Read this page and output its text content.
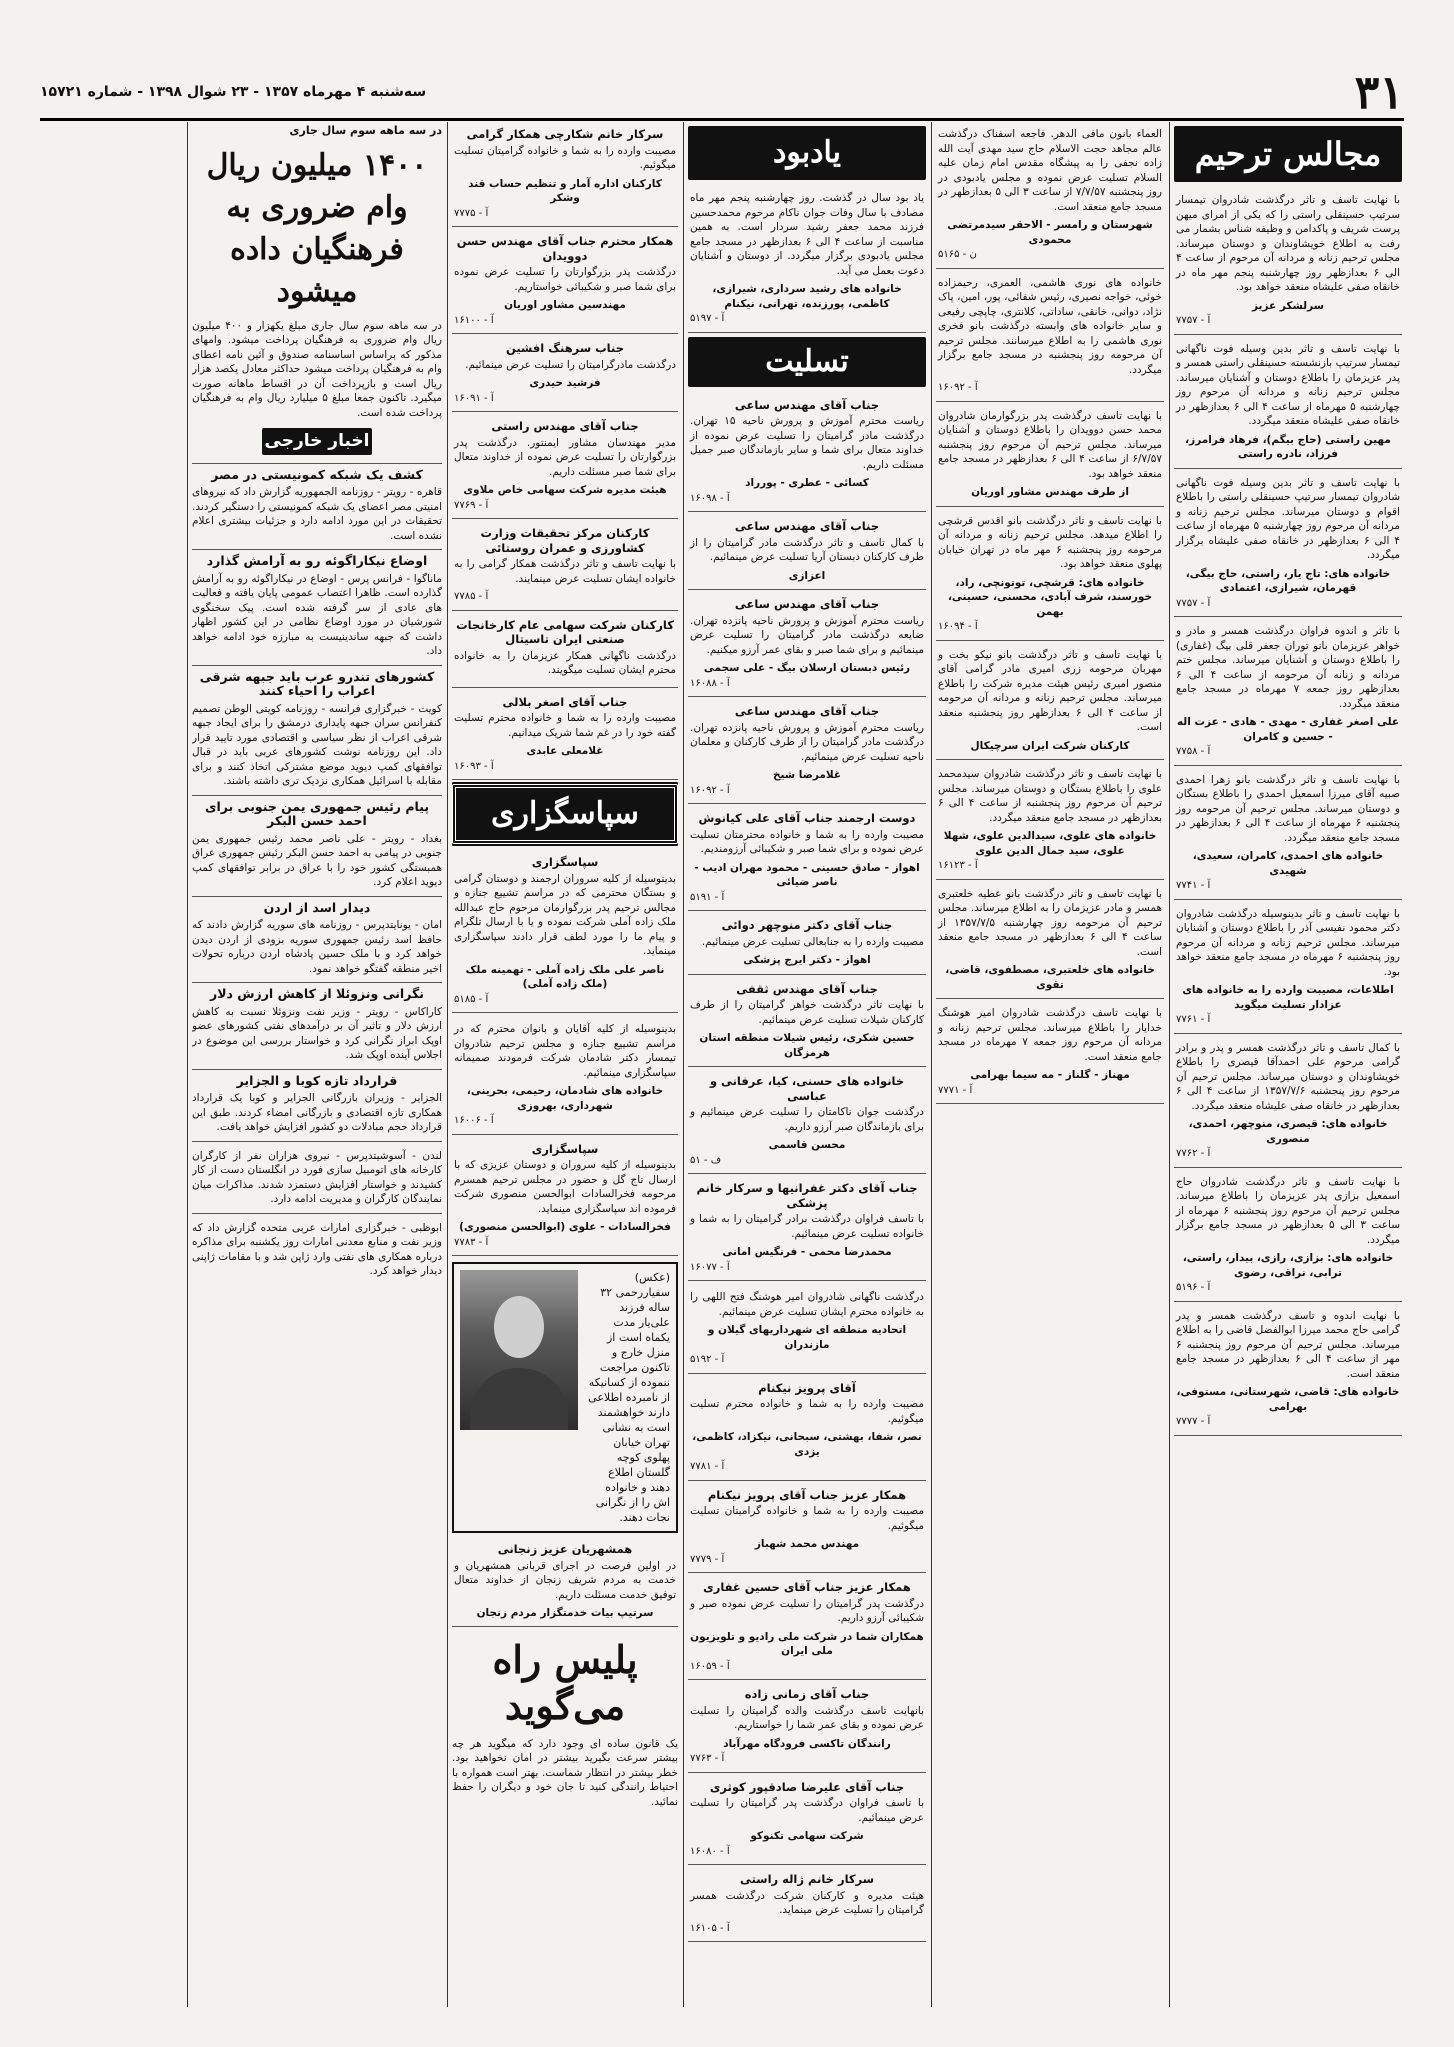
۳۱
سه‌شنبه ۴ مهرماه ۱۳۵۷ - ۲۳ شوال ۱۳۹۸ - شماره ۱۵۷۲۱
مجالس ترحیم

با نهایت تاسف و تاثر درگذشت شادروان تیمسار سرتیپ حسینقلی راستی را که یکی از امرای میهن پرست شریف و پاکدامن و وظیفه شناس بشمار می رفت به اطلاع خویشاوندان و دوستان میرساند. مجلس ترحیم زنانه و مردانه آن مرحوم از ساعت ۴ الی ۶ بعدازظهر روز چهارشنبه پنجم مهر ماه در خانقاه صفی علیشاه منعقد خواهد بود.

سرلشکر عزیز
آ - ۷۷۵۷

با نهایت تاسف و تاثر بدین وسیله فوت ناگهانی تیمسار سرتیپ بازنشسته حسینقلی راستی همسر و پدر عزیزمان را باطلاع دوستان و آشنایان میرساند. مجلس ترحیم زنانه و مردانه آن مرحوم روز چهارشنبه ۵ مهرماه از ساعت ۴ الی ۶ بعدازظهر در خانقاه صفی علیشاه منعقد میگردد.

مهین راستی (حاج بیگم)، فرهاد فرامرز، فرزاد، نادره راستی

با نهایت تاسف و تاثر بدین وسیله فوت ناگهانی شادروان تیمسار سرتیپ حسینقلی راستی را باطلاع اقوام و دوستان میرساند. مجلس ترحیم زنانه و مردانه آن مرحوم روز چهارشنبه ۵ مهرماه از ساعت ۴ الی ۶ بعدازظهر در خانقاه صفی علیشاه برگزار میگردد.

خانواده های: تاج یار، راستی، حاج بیگی، قهرمان، شیرازی، اعتمادی
آ - ۷۷۵۷

با تاثر و اندوه فراوان درگذشت همسر و مادر و خواهر عزیزمان بانو توران جعفر قلی بیگ (غفاری) را باطلاع دوستان و آشنایان میرساند. مجلس ختم مردانه و زنانه آن مرحومه از ساعت ۴ الی ۶ بعدازظهر روز جمعه ۷ مهرماه در مسجد جامع منعقد میگردد.

علی اصغر غفاری - مهدی - هادی - عزت اله - حسین و کامران
آ - ۷۷۵۸

با نهایت تاسف و تاثر درگذشت بانو زهرا احمدی صبیه آقای میرزا اسمعیل احمدی را باطلاع بستگان و دوستان میرساند. مجلس ترحیم آن مرحومه روز پنجشنبه ۶ مهرماه از ساعت ۴ الی ۶ بعدازظهر در مسجد جامع منعقد میگردد.

خانواده های احمدی، کامران، سعیدی، شهیدی
آ - ۷۷۴۱

با نهایت تاسف و تاثر بدینوسیله درگذشت شادروان دکتر محمود نفیسی آذر را باطلاع دوستان و آشنایان میرساند. مجلس ترحیم زنانه و مردانه آن مرحوم روز پنجشنبه ۶ مهرماه در مسجد جامع منعقد خواهد بود.

اطلاعات، مصیبت وارده را به خانواده های عزادار تسلیت میگوید
آ - ۷۷۶۱

با کمال تاسف و تاثر درگذشت همسر و پدر و برادر گرامی مرحوم علی احمدآقا قیصری را باطلاع خویشاوندان و دوستان میرساند. مجلس ترحیم آن مرحوم روز پنجشنبه ۱۳۵۷/۷/۶ از ساعت ۴ الی ۶ بعدازظهر در خانقاه صفی علیشاه منعقد میگردد.

خانواده های: قیصری، منوچهر، احمدی، منصوری
آ - ۷۷۶۲

با نهایت تاسف و تاثر درگذشت شادروان حاج اسمعیل بزازی پدر عزیزمان را باطلاع میرساند. مجلس ترحیم آن مرحوم روز پنجشنبه ۶ مهرماه از ساعت ۳ الی ۵ بعدازظهر در مسجد جامع برگزار میگردد.

خانواده های: بزازی، رازی، بیدار، راستی، ترابی، نراقی، رضوی
آ - ۵۱۹۶

با نهایت اندوه و تاسف درگذشت همسر و پدر گرامی حاج محمد میرزا ابوالفضل قاضی را به اطلاع میرساند. مجلس ترحیم آن مرحوم روز پنجشنبه ۶ مهر از ساعت ۴ الی ۶ بعدازظهر در مسجد جامع منعقد است.

خانواده های: قاضی، شهرستانی، مستوفی، بهرامی
آ - ۷۷۷۷

العماء بانون مافی الدهر. فاجعه اسفناک درگذشت عالم مجاهد حجت الاسلام حاج سید مهدی آیت الله زاده نجفی را به پیشگاه مقدس امام زمان علیه السلام تسلیت عرض نموده و مجلس یادبودی در روز پنجشنبه ۷/۷/۵۷ از ساعت ۳ الی ۵ بعدازظهر در مسجد جامع منعقد است.

شهرستان و رامسر - الاحقر سیدمرتضی محمودی
ن - ۵۱۶۵

خانواده های نوری هاشمی، العمری، رحیمزاده خوئی، خواجه نصیری، رئیس شفائی، پور، امین، پاک نژاد، دوانی، خانقی، ساداتی، کلانتری، چاپچی رفیعی و سایر خانواده های وابسته درگذشت بانو فخری نوری هاشمی را به اطلاع میرسانند. مجلس ترحیم آن مرحومه روز پنجشنبه در مسجد جامع برگزار میگردد.

آ - ۱۶۰۹۲

با نهایت تاسف درگذشت پدر بزرگوارمان شادروان محمد حسن دوویدان را باطلاع دوستان و آشنایان میرساند. مجلس ترحیم آن مرحوم روز پنجشنبه ۶/۷/۵۷ از ساعت ۴ الی ۶ بعدازظهر در مسجد جامع منعقد خواهد بود.

از طرف مهندس مشاور اوریان

با نهایت تاسف و تاثر درگذشت بانو اقدس قرشچی را اطلاع میدهد. مجلس ترحیم زنانه و مردانه آن مرحومه روز پنجشنبه ۶ مهر ماه در تهران خیابان پهلوی منعقد خواهد بود.

خانواده های: قرشچی، توتونچی، راد، خورسند، شرف آبادی، محسنی، حسینی، بهمن
آ - ۱۶۰۹۴

با نهایت تاسف و تاثر درگذشت بانو نیکو بخت و مهربان مرحومه زری امیری مادر گرامی آقای منصور امیری رئیس هیئت مدیره شرکت را باطلاع میرساند. مجلس ترحیم زنانه و مردانه آن مرحومه از ساعت ۴ الی ۶ بعدازظهر روز پنجشنبه منعقد است.

کارکنان شرکت ایران سرچیکال

با نهایت تاسف و تاثر درگذشت شادروان سیدمحمد علوی را باطلاع بستگان و دوستان میرساند. مجلس ترحیم آن مرحوم روز پنجشنبه از ساعت ۴ الی ۶ بعدازظهر در مسجد جامع منعقد میگردد.

خانواده های علوی، سیدالدین علوی، شهلا علوی، سید جمال الدین علوی
آ - ۱۶۱۲۳

با نهایت تاسف و تاثر درگذشت بانو عطیه خلعتبری همسر و مادر عزیزمان را به اطلاع میرساند. مجلس ترحیم آن مرحومه روز چهارشنبه ۱۳۵۷/۷/۵ از ساعت ۴ الی ۶ بعدازظهر در مسجد جامع منعقد است.

خانواده های خلعتبری، مصطفوی، قاضی، تقوی

با نهایت تاسف درگذشت شادروان امیر هوشنگ خدایار را باطلاع میرساند. مجلس ترحیم زنانه و مردانه آن مرحوم روز جمعه ۷ مهرماه در مسجد جامع منعقد است.

مهناز - گلناز - مه سیما بهرامی
آ - ۷۷۷۱
یادبود

یاد بود سال در گذشت. روز چهارشنبه پنجم مهر ماه مصادف با سال وفات جوان ناکام مرحوم محمدحسین فرزند محمد جعفر رشید سردار است. به همین مناسبت از ساعت ۴ الی ۶ بعدازظهر در مسجد جامع مجلس یادبودی برگزار میگردد. از دوستان و آشنایان دعوت بعمل می آید.

خانواده های رشید سرداری، شیرازی، کاظمی، پورزنده، تهرانی، نیکنام
آ - ۵۱۹۷
تسلیت
جناب آقای مهندس ساعی

ریاست محترم آموزش و پرورش ناحیه ۱۵ تهران. درگذشت مادر گرامیتان را تسلیت عرض نموده از خداوند متعال برای شما و سایر بازماندگان صبر جمیل مسئلت داریم.

کسائی - عطری - پورراد
آ - ۱۶۰۹۸
جناب آقای مهندس ساعی

با کمال تاسف و تاثر درگذشت مادر گرامیتان را از طرف کارکنان دبستان آریا تسلیت عرض مینمائیم.

اعزازی
جناب آقای مهندس ساعی

ریاست محترم آموزش و پرورش ناحیه پانزده تهران. ضایعه درگذشت مادر گرامیتان را تسلیت عرض مینمائیم و برای شما صبر و بقای عمر آرزو میکنیم.

رئیس دبستان ارسلان بیگ - علی سجمی
آ - ۱۶۰۸۸
جناب آقای مهندس ساعی

ریاست محترم آموزش و پرورش ناحیه پانزده تهران. درگذشت مادر گرامیتان را از طرف کارکنان و معلمان ناحیه تسلیت عرض مینمائیم.

غلامرضا شیخ
آ - ۱۶۰۹۲
دوست ارجمند جناب آقای علی کیانوش

مصیبت وارده را به شما و خانواده محترمتان تسلیت عرض نموده و برای شما صبر و شکیبائی آرزومندیم.

اهواز - صادق حسینی - محمود مهران ادیب - ناصر ضیائی
آ - ۵۱۹۱
جناب آقای دکتر منوچهر دوائی

مصیبت وارده را به جنابعالی تسلیت عرض مینمائیم.

اهواز - دکتر ایرج پزشکی
جناب آقای مهندس ثقفی

با نهایت تاثر درگذشت خواهر گرامیتان را از طرف کارکنان شیلات تسلیت عرض مینمائیم.

حسین شکری، رئیس شیلات منطقه استان هرمزگان
خانواده های حسنی، کیا، عرفانی و عباسی

درگذشت جوان ناکامتان را تسلیت عرض مینمائیم و برای بازماندگان صبر آرزو داریم.

محسن قاسمی
ف - ۵۱
جناب آقای دکتر غفرانیها و سرکار خانم پزشکی

با تاسف فراوان درگذشت برادر گرامیتان را به شما و خانواده تسلیت عرض مینمائیم.

محمدرضا محمی - فرنگیس امانی
آ - ۱۶۰۷۷

درگذشت ناگهانی شادروان امیر هوشنگ فتح اللهی را به خانواده محترم ایشان تسلیت عرض مینمائیم.

اتحادیه منطقه ای شهرداریهای گیلان و مازندران
آ - ۵۱۹۲
آقای پرویز نیکنام

مصیبت وارده را به شما و خانواده محترم تسلیت میگوئیم.

نصر، شفا، بهشتی، سبحانی، نیکزاد، کاظمی، یزدی
آ - ۷۷۸۱
همکار عزیز جناب آقای پرویز نیکنام

مصیبت وارده را به شما و خانواده گرامیتان تسلیت میگوئیم.

مهندس محمد شهباز
آ - ۷۷۷۹
همکار عزیز جناب آقای حسین غفاری

درگذشت پدر گرامیتان را تسلیت عرض نموده صبر و شکیبائی آرزو داریم.

همکاران شما در شرکت ملی رادیو و تلویزیون ملی ایران
آ - ۱۶۰۵۹
جناب آقای زمانی زاده

بانهایت تاسف درگذشت والده گرامیتان را تسلیت عرض نموده و بقای عمر شما را خواستاریم.

رانندگان تاکسی فرودگاه مهرآباد
آ - ۷۷۶۳
جناب آقای علیرضا صادقپور کوثری

با تاسف فراوان درگذشت پدر گرامیتان را تسلیت عرض مینمائیم.

شرکت سهامی تکنوکو
آ - ۱۶۰۸۰
سرکار خانم ژاله راستی

هیئت مدیره و کارکنان شرکت درگذشت همسر گرامیتان را تسلیت عرض مینماید.

آ - ۱۶۱۰۵
سرکار خانم شکارچی همکار گرامی

مصیبت وارده را به شما و خانواده گرامیتان تسلیت میگوئیم.

کارکنان اداره آمار و تنظیم حساب قند وشکر
آ - ۷۷۷۵
همکار محترم جناب آقای مهندس حسن دوویدان

درگذشت پدر بزرگوارتان را تسلیت عرض نموده برای شما صبر و شکیبائی خواستاریم.

مهندسین مشاور اوریان
آ - ۱۶۱۰۰
جناب سرهنگ افشین

درگذشت مادرگرامیتان را تسلیت عرض مینمائیم.

فرشید حیدری
آ - ۱۶۰۹۱
جناب آقای مهندس راستی

مدیر مهندسان مشاور ایمنتور. درگذشت پدر بزرگوارتان را تسلیت عرض نموده از خداوند متعال برای شما صبر مسئلت داریم.

هیئت مدیره شرکت سهامی خاص ملاوی
آ - ۷۷۶۹
کارکنان مرکز تحقیقات وزارت کشاورزی و عمران روستائی

با نهایت تاسف و تاثر درگذشت همکار گرامی را به خانواده ایشان تسلیت عرض مینمایند.

آ - ۷۷۸۵
کارکنان شرکت سهامی عام کارخانجات صنعتی ایران تاسیتال

درگذشت ناگهانی همکار عزیزمان را به خانواده محترم ایشان تسلیت میگویند.

جناب آقای اصغر بلالی

مصیبت وارده را به شما و خانواده محترم تسلیت گفته خود را در غم شما شریک میدانیم.

غلامعلی عابدی
آ - ۱۶۰۹۳
سپاسگزاری
سپاسگزاری

بدینوسیله از کلیه سروران ارجمند و دوستان گرامی و بستگان محترمی که در مراسم تشییع جنازه و مجالس ترحیم پدر بزرگوارمان مرحوم حاج عبدالله ملک زاده آملی شرکت نموده و یا با ارسال تلگرام و پیام ما را مورد لطف قرار دادند سپاسگزاری مینماید.

ناصر علی ملک زاده آملی - تهمینه ملک (ملک زاده آملی)
آ - ۵۱۸۵

بدینوسیله از کلیه آقایان و بانوان محترم که در مراسم تشییع جنازه و مجلس ترحیم شادروان تیمسار دکتر شادمان شرکت فرمودند صمیمانه سپاسگزاری مینمائیم.

خانواده های شادمان، رحیمی، بحرینی، شهرداری، بهروزی
آ - ۱۶۰۰۶
سپاسگزاری

بدینوسیله از کلیه سروران و دوستان عزیزی که با ارسال تاج گل و حضور در مجلس ترحیم همسرم مرحومه فخرالسادات ابوالحسن منصوری شرکت فرموده اند سپاسگزاری مینماید.

فخرالسادات - علوی (ابوالحسن منصوری)
آ - ۷۷۸۳
(عکس) سفیاررحمی ۳۲ ساله فرزند علی‌یار مدت یکماه است از منزل خارج و تاکنون مراجعت ننموده از کسانیکه از نامبرده اطلاعی دارند خواهشمند است به نشانی تهران خیابان پهلوی کوچه گلستان اطلاع دهند و خانواده اش را از نگرانی نجات دهند.
همشهریان عزیز زنجانی

در اولین فرصت در اجرای قربانی همشهریان و خدمت به مردم شریف زنجان از خداوند متعال توفیق خدمت مسئلت داریم.

سرتیپ بیات خدمتگزار مردم زنجان
پلیس راه می‌گوید

یک قانون ساده ای وجود دارد که میگوید هر چه بیشتر سرعت بگیرید بیشتر در امان نخواهید بود. خطر بیشتر در انتظار شماست. بهتر است همواره با احتیاط رانندگی کنید تا جان خود و دیگران را حفظ نمائید.

در سه ماهه سوم سال جاری
۱۴۰۰ میلیون ریال وام ضروری به فرهنگیان داده میشود

در سه ماهه سوم سال جاری مبلغ یکهزار و ۴۰۰ میلیون ریال وام ضروری به فرهنگیان پرداخت میشود. وامهای مذکور که براساس اساسنامه صندوق و آئین نامه اعطای وام به فرهنگیان پرداخت میشود حداکثر معادل یکصد هزار ریال است و بازپرداخت آن در اقساط ماهانه صورت میگیرد. تاکنون جمعا مبلغ ۵ میلیارد ریال وام به فرهنگیان پرداخت شده است.

اخبار خارجی
کشف یک شبکه کمونیستی در مصر

قاهره - رویتر - روزنامه الجمهوریه گزارش داد که نیروهای امنیتی مصر اعضای یک شبکه کمونیستی را دستگیر کردند. تحقیقات در این مورد ادامه دارد و جزئیات بیشتری اعلام نشده است.

اوضاع نیکاراگوئه رو به آرامش گذارد

ماناگوا - فرانس پرس - اوضاع در نیکاراگوئه رو به آرامش گذارده است. ظاهرا اعتصاب عمومی پایان یافته و فعالیت های عادی از سر گرفته شده است. پیک سخنگوی شورشیان در مورد اوضاع نظامی در این کشور اظهار داشت که جبهه ساندینیست به مبارزه خود ادامه خواهد داد.

کشورهای تندرو عرب باید جبهه شرقی اعراب را احیاء کنند

کویت - خبرگزاری فرانسه - روزنامه کویتی الوطن تصمیم کنفرانس سران جبهه پایداری درمشق را برای ایجاد جبهه شرقی اعراب از نظر سیاسی و اقتصادی مورد تایید قرار داد. این روزنامه نوشت کشورهای عربی باید در قبال توافقهای کمپ دیوید موضع مشترکی اتخاذ کنند و برای مقابله با اسرائیل همکاری نزدیک تری داشته باشند.

پیام رئیس جمهوری یمن جنوبی برای احمد حسن البکر

بغداد - رویتر - علی ناصر محمد رئیس جمهوری یمن جنوبی در پیامی به احمد حسن البکر رئیس جمهوری عراق همبستگی کشور خود را با عراق در برابر توافقهای کمپ دیوید اعلام کرد.

دیدار اسد از اردن

امان - یونایتدپرس - روزنامه های سوریه گزارش دادند که حافظ اسد رئیس جمهوری سوریه بزودی از اردن دیدن خواهد کرد و با ملک حسین پادشاه اردن درباره تحولات اخیر منطقه گفتگو خواهد نمود.

نگرانی ونزوئلا از کاهش ارزش دلار

کاراکاس - رویتر - وزیر نفت ونزوئلا نسبت به کاهش ارزش دلار و تاثیر آن بر درآمدهای نفتی کشورهای عضو اوپک ابراز نگرانی کرد و خواستار بررسی این موضوع در اجلاس آینده اوپک شد.

قرارداد تازه کوبا و الجزایر

الجزایر - وزیران بازرگانی الجزایر و کوبا یک قرارداد همکاری تازه اقتصادی و بازرگانی امضاء کردند. طبق این قرارداد حجم مبادلات دو کشور افزایش خواهد یافت.

لندن - آسوشیتدپرس - نیروی هزاران نفر از کارگران کارخانه های اتومبیل سازی فورد در انگلستان دست از کار کشیدند و خواستار افزایش دستمزد شدند. مذاکرات میان نمایندگان کارگران و مدیریت ادامه دارد.

ابوظبی - خبرگزاری امارات عربی متحده گزارش داد که وزیر نفت و منابع معدنی امارات روز یکشنبه برای مذاکره درباره همکاری های نفتی وارد ژاپن شد و با مقامات ژاپنی دیدار خواهد کرد.
